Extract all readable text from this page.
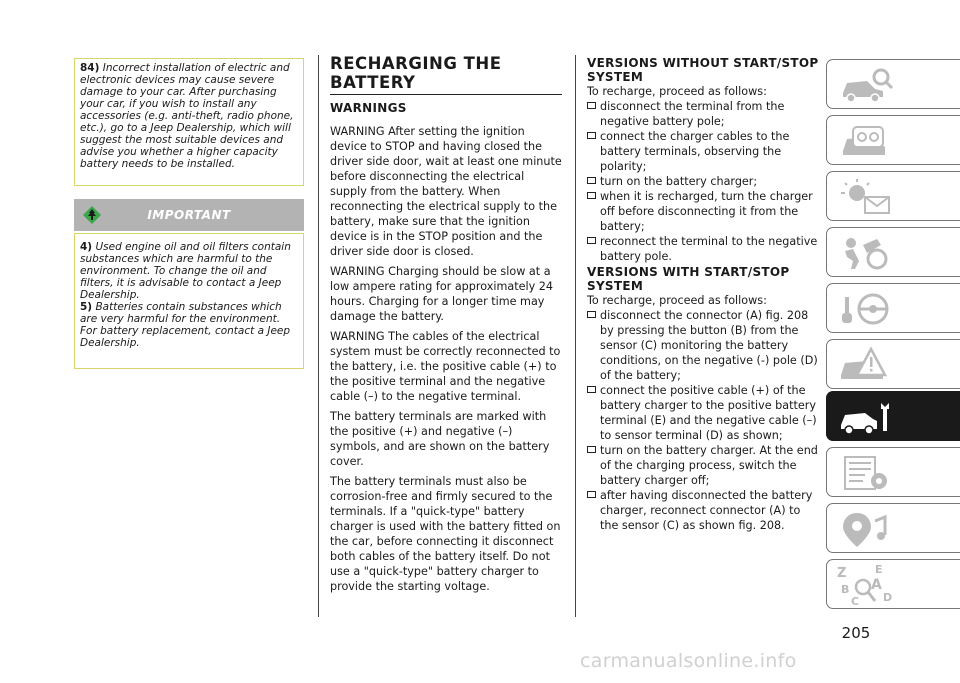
84) Incorrect installation of electric and electronic devices may cause severe damage to your car. After purchasing your car, if you wish to install any accessories (e.g. anti-theft, radio phone, etc.), go to a Jeep Dealership, which will suggest the most suitable devices and advise you whether a higher capacity battery needs to be installed.
IMPORTANT

4) Used engine oil and oil filters contain substances which are harmful to the environment. To change the oil and filters, it is advisable to contact a Jeep Dealership.

5) Batteries contain substances which are very harmful for the environment. For battery replacement, contact a Jeep Dealership.

RECHARGING THE BATTERY
WARNINGS

WARNING After setting the ignition device to STOP and having closed the driver side door, wait at least one minute before disconnecting the electrical supply from the battery. When reconnecting the electrical supply to the battery, make sure that the ignition device is in the STOP position and the driver side door is closed.

WARNING Charging should be slow at a low ampere rating for approximately 24 hours. Charging for a longer time may damage the battery.

WARNING The cables of the electrical system must be correctly reconnected to the battery, i.e. the positive cable (+) to the positive terminal and the negative cable (–) to the negative terminal.

The battery terminals are marked with the positive (+) and negative (–) symbols, and are shown on the battery cover.

The battery terminals must also be corrosion-free and firmly secured to the terminals. If a "quick-type" battery charger is used with the battery fitted on the car, before connecting it disconnect both cables of the battery itself. Do not use a "quick-type" battery charger to provide the starting voltage.

VERSIONS WITHOUT START/STOP SYSTEM

To recharge, proceed as follows:

disconnect the terminal from the negative battery pole;
connect the charger cables to the battery terminals, observing the polarity;
turn on the battery charger;
when it is recharged, turn the charger off before disconnecting it from the battery;
reconnect the terminal to the negative battery pole.
VERSIONS WITH START/STOP SYSTEM

To recharge, proceed as follows:

disconnect the connector (A) fig. 208 by pressing the button (B) from the sensor (C) monitoring the battery conditions, on the negative (-) pole (D) of the battery;
connect the positive cable (+) of the battery charger to the positive battery terminal (E) and the negative cable (–) to sensor terminal (D) as shown;
turn on the battery charger. At the end of the charging process, switch the battery charger off;
after having disconnected the battery charger, reconnect connector (A) to the sensor (C) as shown fig. 208.
Z	E
A
B
C D
205
carmanualsonline.info
